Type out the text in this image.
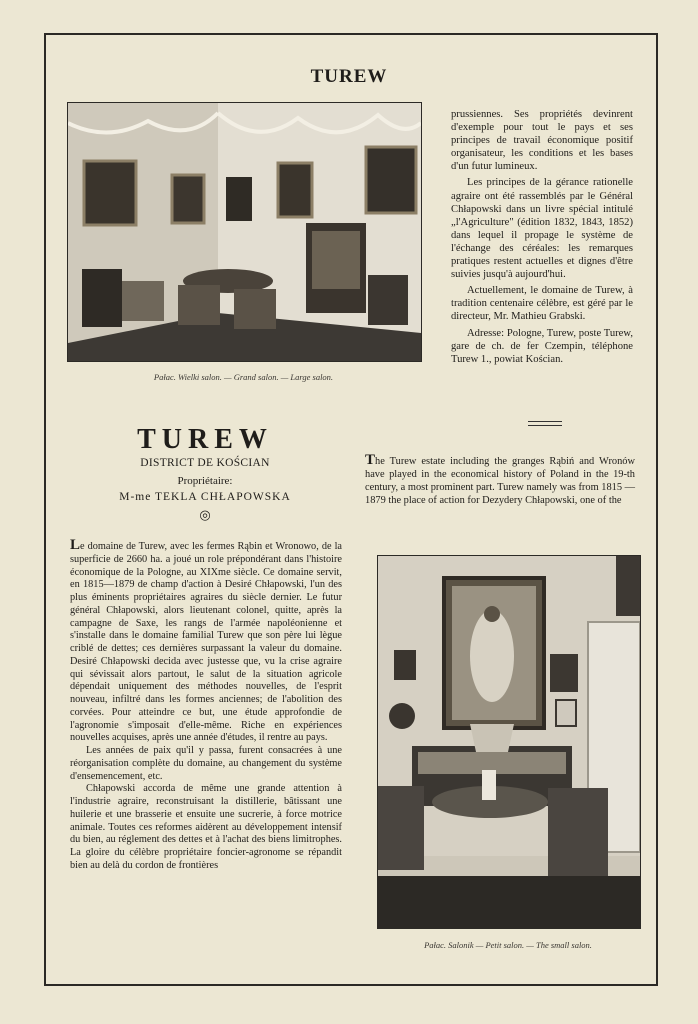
TUREW
Pałac. Wielki salon. — Grand salon. — Large salon.

prussiennes. Ses propriétés devinrent d'exemple pour tout le pays et ses principes de travail économique positif organisateur, les conditions et les bases d'un futur lumineux.

Les principes de la gérance rationelle agraire ont été rassemblés par le Général Chłapowski dans un livre spécial intitulé „l'Agriculture" (édition 1832, 1843, 1852) dans lequel il propage le système de l'échange des céréales: les remarques pratiques restent actuelles et dignes d'être suivies jusqu'à aujourd'hui.

Actuellement, le domaine de Turew, à tradition centenaire célèbre, est géré par le directeur, Mr. Mathieu Grabski.

Adresse: Pologne, Turew, poste Turew, gare de ch. de fer Czempin, téléphone Turew 1., powiat Kościan.

TUREW
DISTRICT DE KOŚCIAN
Propriétaire:
M-me TEKLA CHŁAPOWSKA
◎

The Turew estate including the granges Rąbiń and Wronów have played in the economical history of Poland in the 19-th century, a most prominent part. Turew namely was from 1815 — 1879 the place of action for Dezydery Chłapowski, one of the

Le domaine de Turew, avec les fermes Rąbin et Wronowo, de la superficie de 2660 ha. a joué un role prépondérant dans l'histoire économique de la Pologne, au XIXme siècle. Ce domaine servit, en 1815—1879 de champ d'action à Desiré Chłapowski, l'un des plus éminents propriétaires agraires du siècle dernier. Le futur général Chłapowski, alors lieutenant colonel, quitte, après la campagne de Saxe, les rangs de l'armée napoléonienne et s'installe dans le domaine familial Turew que son père lui lègue criblé de dettes; ces dernières surpassant la valeur du domaine. Desiré Chłapowski decida avec justesse que, vu la crise agraire qui sévissait alors partout, le salut de la situation agricole dépendait uniquement des méthodes nouvelles, de l'esprit nouveau, infiltré dans les formes anciennes; de l'abolition des corvées. Pour atteindre ce but, une étude approfondie de l'agronomie s'imposait d'elle-même. Riche en expériences nouvelles acquises, après une année d'études, il rentre au pays.

Les années de paix qu'il y passa, furent consacrées à une réorganisation complète du domaine, au changement du système d'ensemencement, etc.

Chłapowski accorda de même une grande attention à l'industrie agraire, reconstruisant la distillerie, bâtissant une huilerie et une brasserie et ensuite une sucrerie, à force motrice animale. Toutes ces reformes aidèrent au développement intensif du bien, au réglement des dettes et à l'achat des biens limitrophes. La gloire du célèbre propriétaire foncier-agronome se répandit bien au delà du cordon de frontières

Pałac. Salonik — Petit salon. — The small salon.
